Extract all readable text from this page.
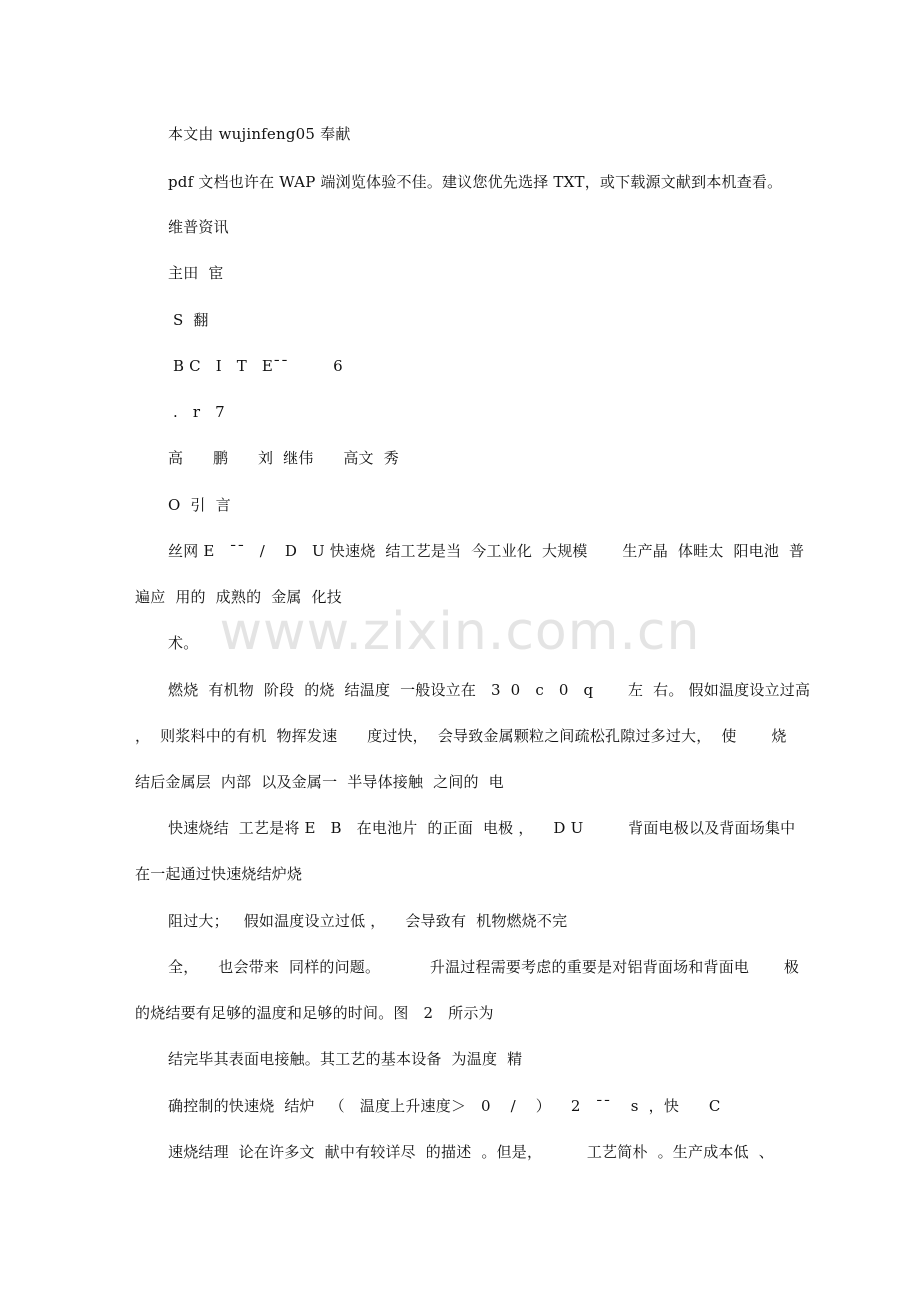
www.zixin.com.cn
本文由 wujinfeng05 奉献
pdf 文档也许在 WAP 端浏览体验不佳。建议您优先选择 TXT，或下载源文献到本机查看。
维普资讯
主田  宦
S  翻
B C   I   T   E¯¯         6
.   r   7
高      鹏      刘  继伟      高文  秀
O  引  言
丝网 E   ¯¯   /    D   U 快速烧  结工艺是当  今工业化  大规模       生产晶  体畦太  阳电池  普
遍应  用的  成熟的  金属  化技
术。
燃烧  有机物  阶段  的烧  结温度  一般设立在   3  0   c   0   q       左  右。 假如温度设立过高
，  则浆料中的有机  物挥发速      度过快，  会导致金属颗粒之间疏松孔隙过多过大，  使       烧
结后金属层  内部  以及金属一  半导体接触  之间的  电
快速烧结  工艺是将 E   B   在电池片  的正面  电极 ，    D U         背面电极以及背面场集中
在一起通过快速烧结炉烧
阻过大；   假如温度设立过低 ，    会导致有  机物燃烧不完
全，    也会带来  同样的问题。          升温过程需要考虑的重要是对铝背面场和背面电       极
的烧结要有足够的温度和足够的时间。图   2   所示为
结完毕其表面电接触。其工艺的基本设备  为温度  精
确控制的快速烧  结炉   （   温度上升速度＞   0    /    ）    2   ¯¯    s  ，快      C
速烧结理  论在许多文  献中有较详尽  的描述  。但是，         工艺简朴  。生产成本低  、
